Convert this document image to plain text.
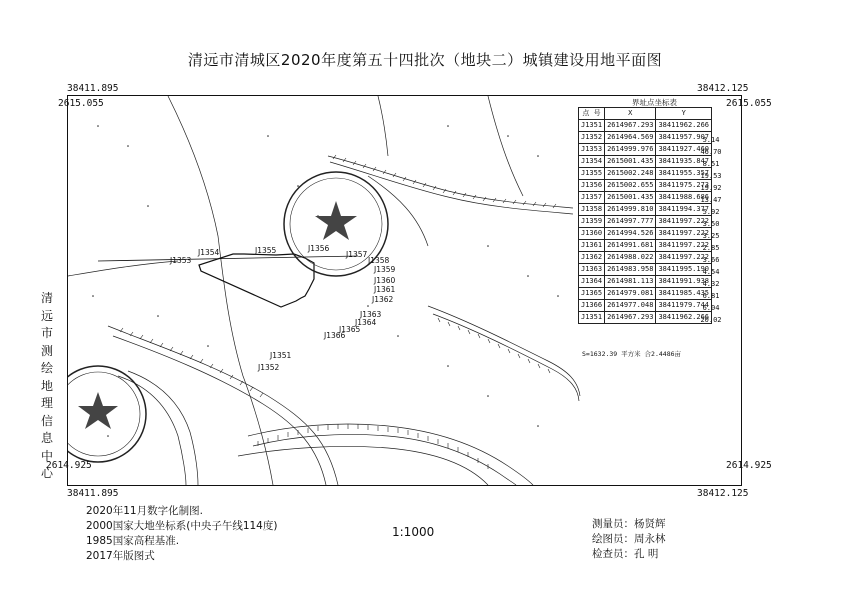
清远市清城区2020年度第五十四批次（地块二）城镇建设用地平面图
38411.895
2615.055
38412.125
2615.055
2614.925	2614.925
38411.895	38412.125
J1351
J1352
J1353
J1354	J1355	J1356
J1357
J1358
J1359
J1360
J1361
J1362
J1363
J1364
J1365
J1366
清
远
市
测
绘
地
理
信
息
中
心
界址点坐标表
点 号	X	Y
J1351	2614967.293	38411962.266
J1352	2614964.569	38411957.907
J1353	2614999.976	38411927.460
J1354	2615001.435	38411935.847
J1355	2615002.248	38411955.357
J1356	2615002.655	38411975.273
J1357	2615001.435	38411988.686
J1358	2614999.810	38411994.377
J1359	2614997.777	38411997.222
J1360	2614994.526	38411997.222
J1361	2614991.681	38411997.222
J1362	2614988.022	38411997.222
J1363	2614983.958	38411995.190
J1364	2614981.113	38411991.938
J1365	2614979.081	38411985.435
J1366	2614977.048	38411979.744
J1351	2614967.293	38411962.266
5.14
46.70
8.51
19.53
19.92
13.47
5.92
3.50
3.25
2.85
3.66
4.54
4.32
6.81
6.04
20.02
S=1632.39 平方米 合2.4486亩
2020年11月数字化制图.
2000国家大地坐标系(中央子午线114度)
1985国家高程基准.
2017年版图式
1:1000
测量员：杨贤辉
绘图员：周永林
检查员：孔 明
